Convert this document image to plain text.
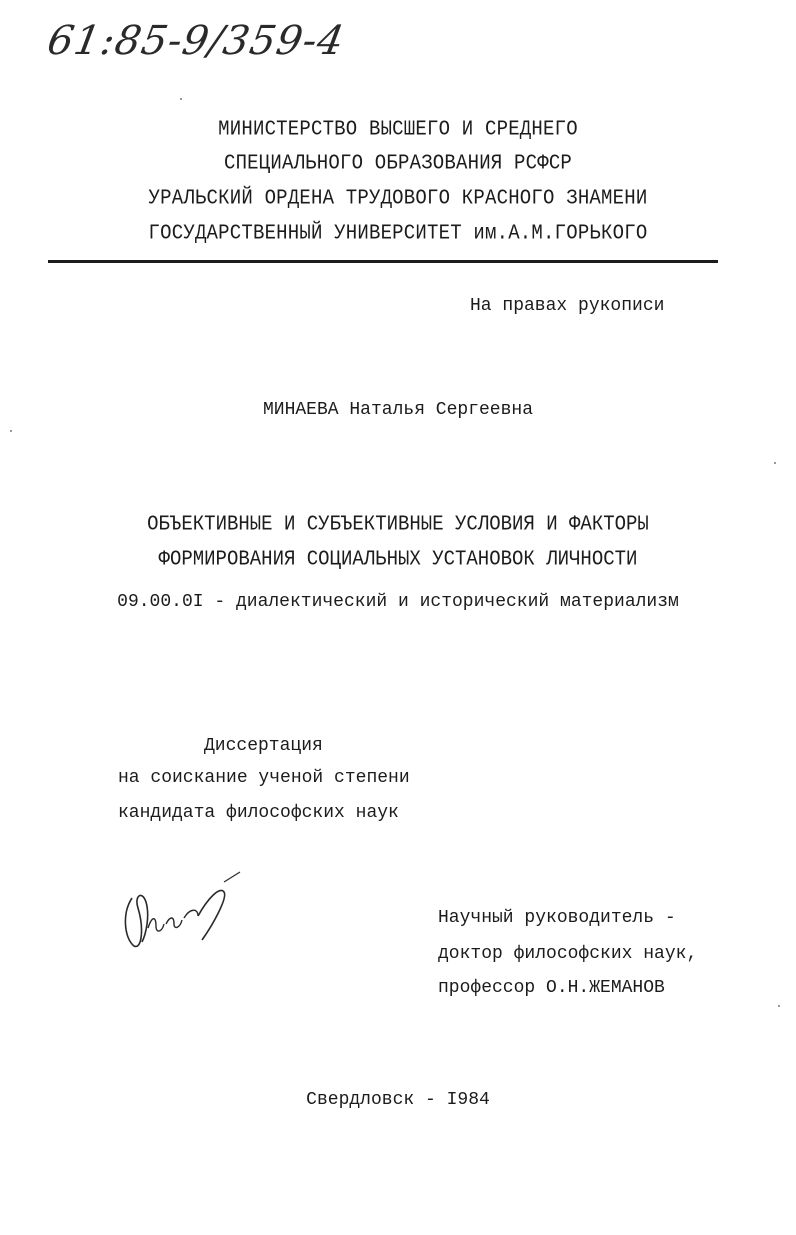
61:85-9/359-4
МИНИСТЕРСТВО ВЫСШЕГО И СРЕДНЕГО
СПЕЦИАЛЬНОГО ОБРАЗОВАНИЯ РСФСР
УРАЛЬСКИЙ ОРДЕНА ТРУДОВОГО КРАСНОГО ЗНАМЕНИ
ГОСУДАРСТВЕННЫЙ УНИВЕРСИТЕТ им.А.М.ГОРЬКОГО
На правах рукописи
МИНАЕВА Наталья Сергеевна
ОБЪЕКТИВНЫЕ И СУБЪЕКТИВНЫЕ УСЛОВИЯ И ФАКТОРЫ
ФОРМИРОВАНИЯ СОЦИАЛЬНЫХ УСТАНОВОК ЛИЧНОСТИ
09.00.0I - диалектический и исторический материализм
Диссертация
на соискание ученой степени
кандидата философских наук
Научный руководитель -
доктор философских наук,
профессор О.Н.ЖЕМАНОВ
Свердловск - I984
